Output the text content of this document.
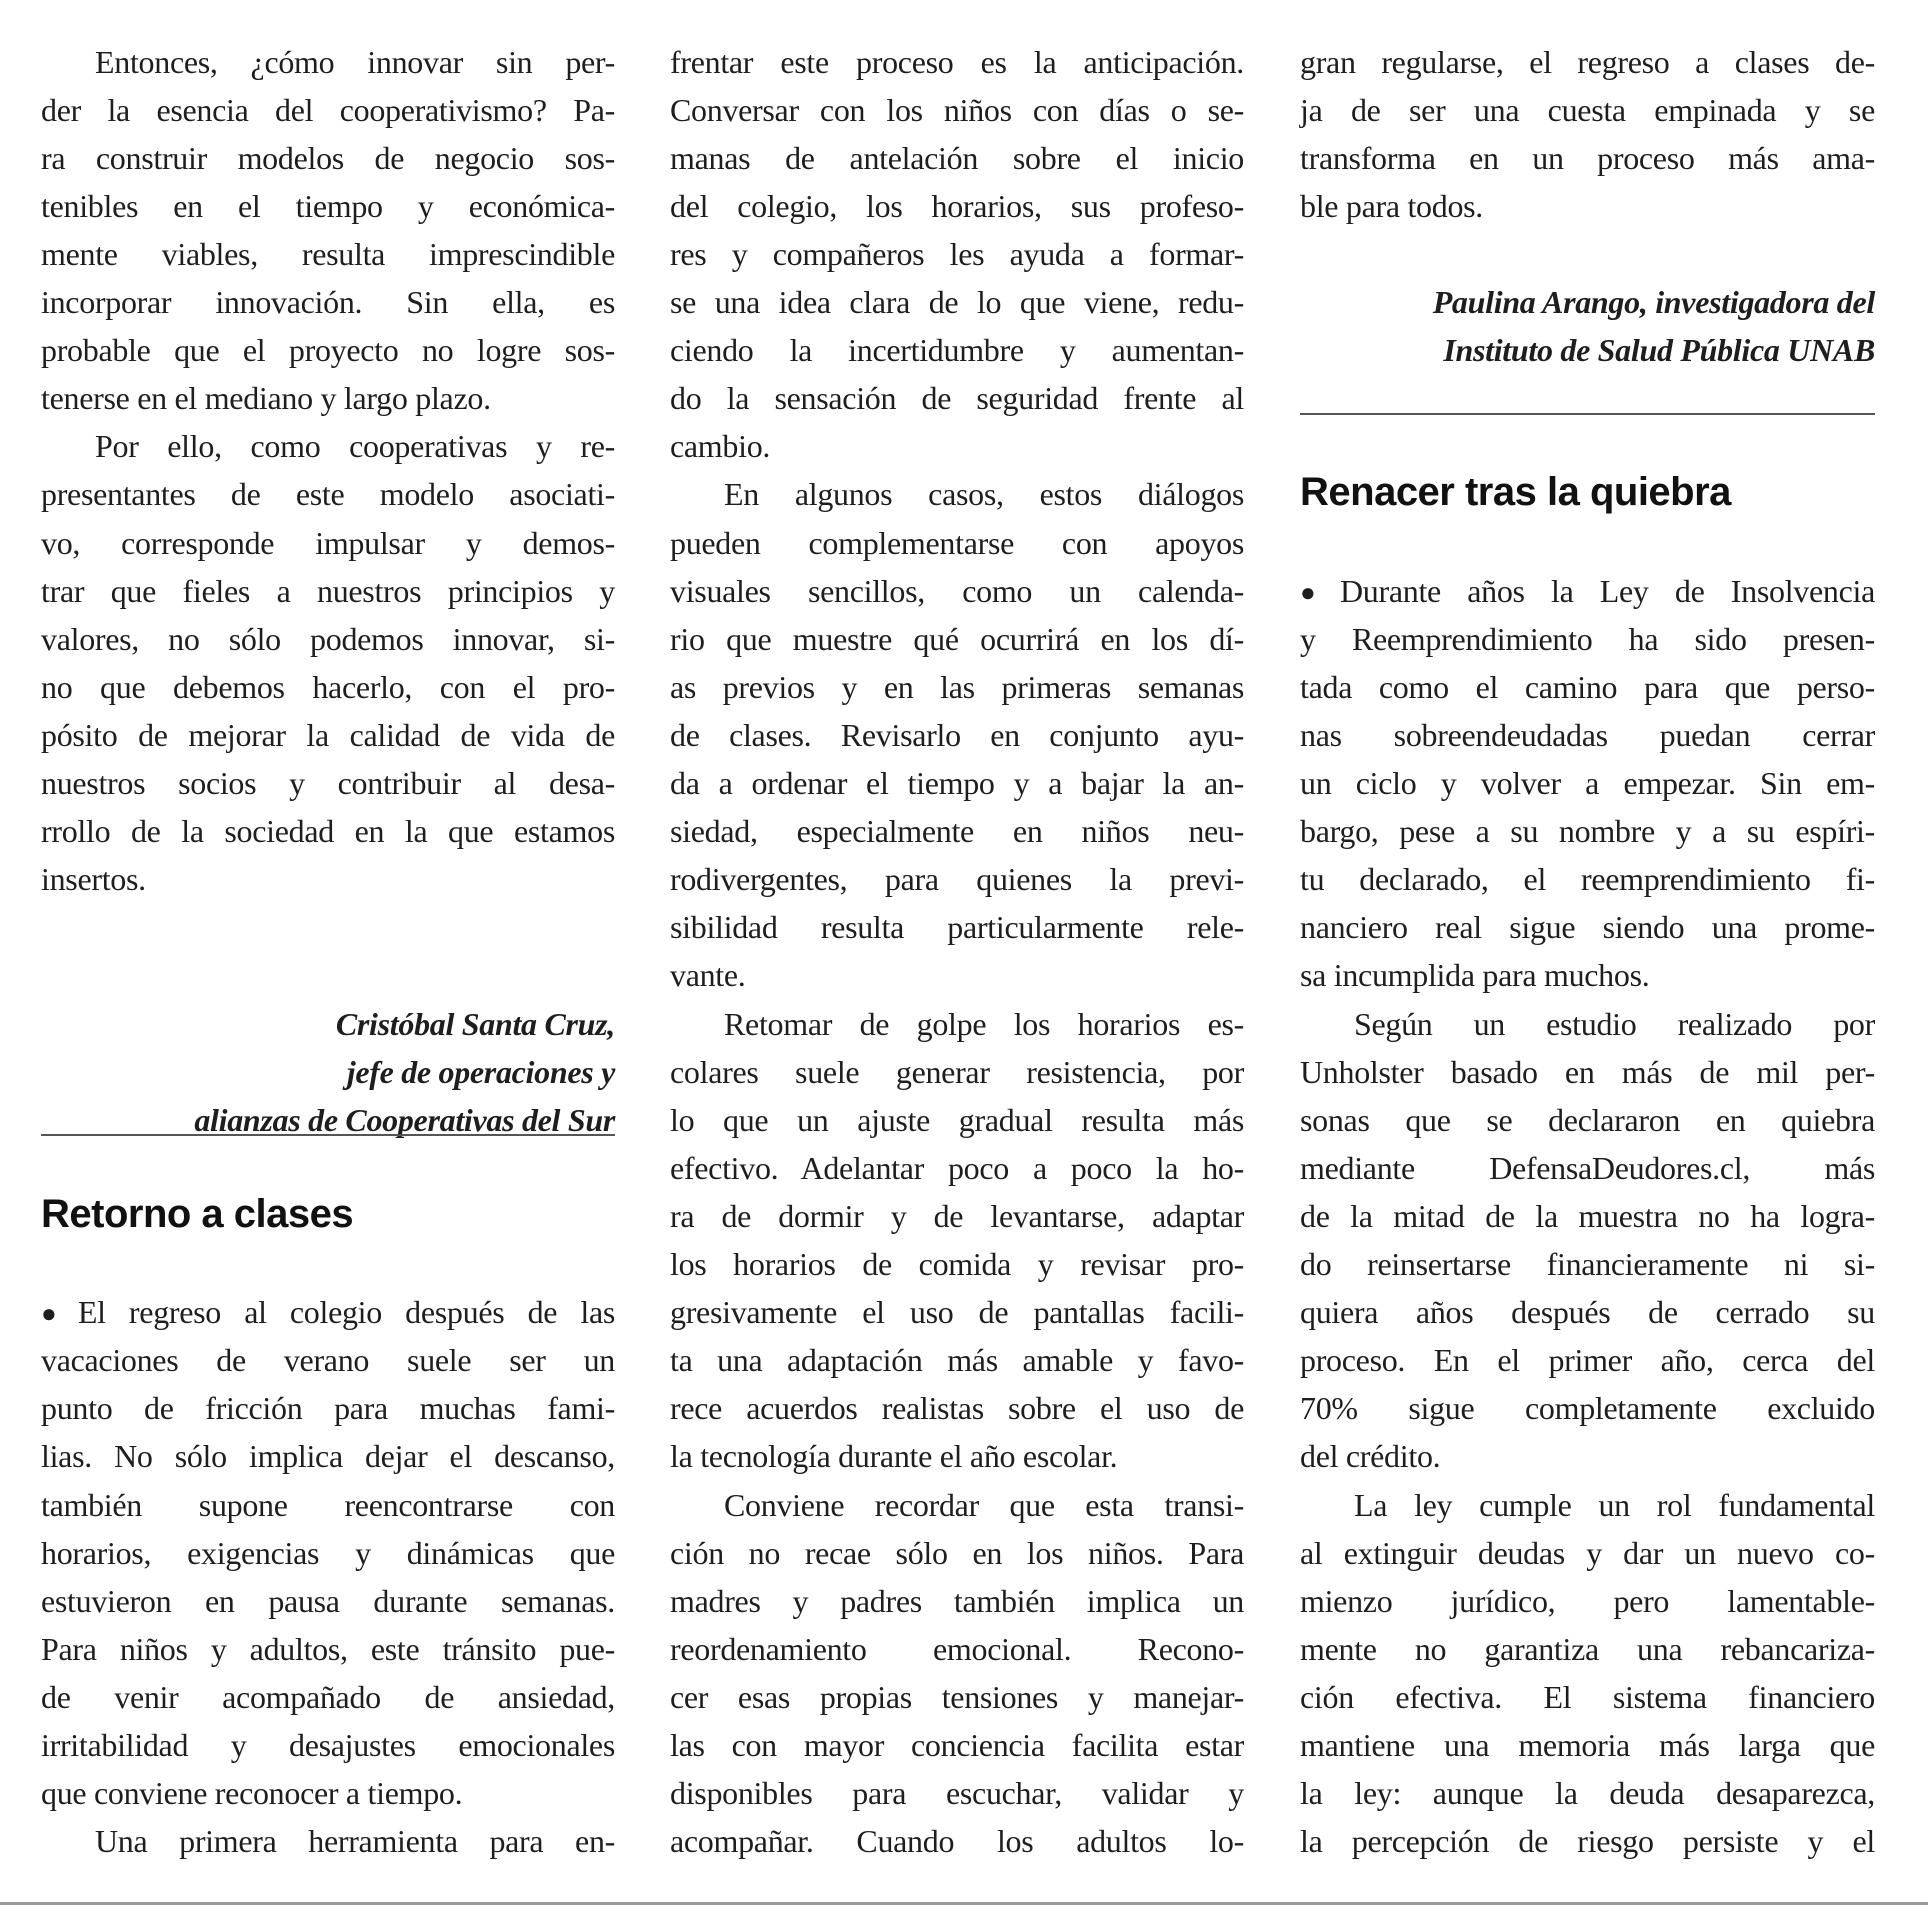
Entonces, ¿cómo innovar sin per-
der la esencia del cooperativismo? Pa-
ra construir modelos de negocio sos-
tenibles en el tiempo y económica-
mente viables, resulta imprescindible
incorporar innovación. Sin ella, es
probable que el proyecto no logre sos-
tenerse en el mediano y largo plazo.
Por ello, como cooperativas y re-
presentantes de este modelo asociati-
vo, corresponde impulsar y demos-
trar que fieles a nuestros principios y
valores, no sólo podemos innovar, si-
no que debemos hacerlo, con el pro-
pósito de mejorar la calidad de vida de
nuestros socios y contribuir al desa-
rrollo de la sociedad en la que estamos
insertos.
Cristóbal Santa Cruz,
jefe de operaciones y
alianzas de Cooperativas del Sur
Retorno a clases
● El regreso al colegio después de las
vacaciones de verano suele ser un
punto de fricción para muchas fami-
lias. No sólo implica dejar el descanso,
también supone reencontrarse con
horarios, exigencias y dinámicas que
estuvieron en pausa durante semanas.
Para niños y adultos, este tránsito pue-
de venir acompañado de ansiedad,
irritabilidad y desajustes emocionales
que conviene reconocer a tiempo.
Una primera herramienta para en-
frentar este proceso es la anticipación.
Conversar con los niños con días o se-
manas de antelación sobre el inicio
del colegio, los horarios, sus profeso-
res y compañeros les ayuda a formar-
se una idea clara de lo que viene, redu-
ciendo la incertidumbre y aumentan-
do la sensación de seguridad frente al
cambio.
En algunos casos, estos diálogos
pueden complementarse con apoyos
visuales sencillos, como un calenda-
rio que muestre qué ocurrirá en los dí-
as previos y en las primeras semanas
de clases. Revisarlo en conjunto ayu-
da a ordenar el tiempo y a bajar la an-
siedad, especialmente en niños neu-
rodivergentes, para quienes la previ-
sibilidad resulta particularmente rele-
vante.
Retomar de golpe los horarios es-
colares suele generar resistencia, por
lo que un ajuste gradual resulta más
efectivo. Adelantar poco a poco la ho-
ra de dormir y de levantarse, adaptar
los horarios de comida y revisar pro-
gresivamente el uso de pantallas facili-
ta una adaptación más amable y favo-
rece acuerdos realistas sobre el uso de
la tecnología durante el año escolar.
Conviene recordar que esta transi-
ción no recae sólo en los niños. Para
madres y padres también implica un
reordenamiento emocional. Recono-
cer esas propias tensiones y manejar-
las con mayor conciencia facilita estar
disponibles para escuchar, validar y
acompañar. Cuando los adultos lo-
gran regularse, el regreso a clases de-
ja de ser una cuesta empinada y se
transforma en un proceso más ama-
ble para todos.
Paulina Arango, investigadora del
Instituto de Salud Pública UNAB
Renacer tras la quiebra
● Durante años la Ley de Insolvencia
y Reemprendimiento ha sido presen-
tada como el camino para que perso-
nas sobreendeudadas puedan cerrar
un ciclo y volver a empezar. Sin em-
bargo, pese a su nombre y a su espíri-
tu declarado, el reemprendimiento fi-
nanciero real sigue siendo una prome-
sa incumplida para muchos.
Según un estudio realizado por
Unholster basado en más de mil per-
sonas que se declararon en quiebra
mediante DefensaDeudores.cl, más
de la mitad de la muestra no ha logra-
do reinsertarse financieramente ni si-
quiera años después de cerrado su
proceso. En el primer año, cerca del
70% sigue completamente excluido
del crédito.
La ley cumple un rol fundamental
al extinguir deudas y dar un nuevo co-
mienzo jurídico, pero lamentable-
mente no garantiza una rebancariza-
ción efectiva. El sistema financiero
mantiene una memoria más larga que
la ley: aunque la deuda desaparezca,
la percepción de riesgo persiste y el
